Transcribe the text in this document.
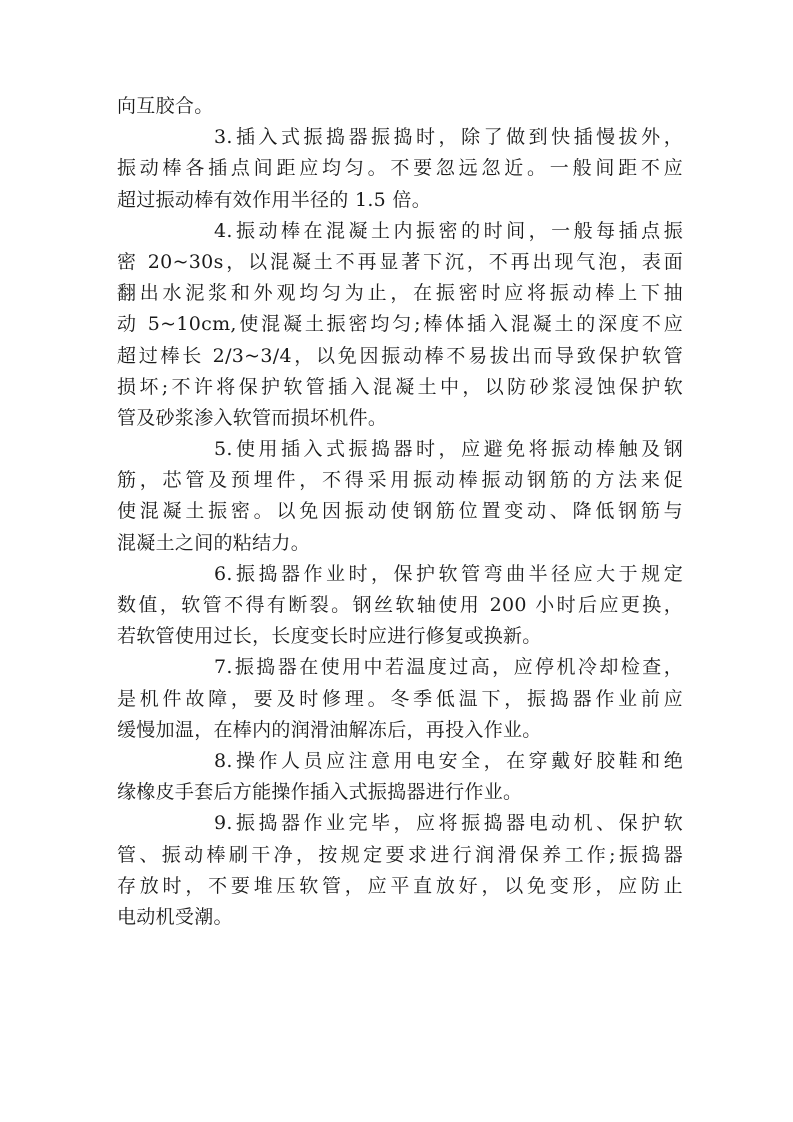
向互胶合。
3.插入式振捣器振捣时，除了做到快插慢拔外，
振动棒各插点间距应均匀。不要忽远忽近。一般间距不应
超过振动棒有效作用半径的 1.5 倍。
4.振动棒在混凝土内振密的时间，一般每插点振
密 20~30s，以混凝土不再显著下沉，不再出现气泡，表面
翻出水泥浆和外观均匀为止，在振密时应将振动棒上下抽
动 5~10cm,使混凝土振密均匀;棒体插入混凝土的深度不应
超过棒长 2/3~3/4，以免因振动棒不易拔出而导致保护软管
损坏;不许将保护软管插入混凝土中，以防砂浆浸蚀保护软
管及砂浆渗入软管而损坏机件。
5.使用插入式振捣器时，应避免将振动棒触及钢
筋，芯管及预埋件，不得采用振动棒振动钢筋的方法来促
使混凝土振密。以免因振动使钢筋位置变动、降低钢筋与
混凝土之间的粘结力。
6.振捣器作业时，保护软管弯曲半径应大于规定
数值，软管不得有断裂。钢丝软轴使用 200 小时后应更换，
若软管使用过长，长度变长时应进行修复或换新。
7.振捣器在使用中若温度过高，应停机冷却检查，
是机件故障，要及时修理。冬季低温下，振捣器作业前应
缓慢加温，在棒内的润滑油解冻后，再投入作业。
8.操作人员应注意用电安全，在穿戴好胶鞋和绝
缘橡皮手套后方能操作插入式振捣器进行作业。
9.振捣器作业完毕，应将振捣器电动机、保护软
管、振动棒刷干净，按规定要求进行润滑保养工作;振捣器
存放时，不要堆压软管，应平直放好，以免变形，应防止
电动机受潮。
